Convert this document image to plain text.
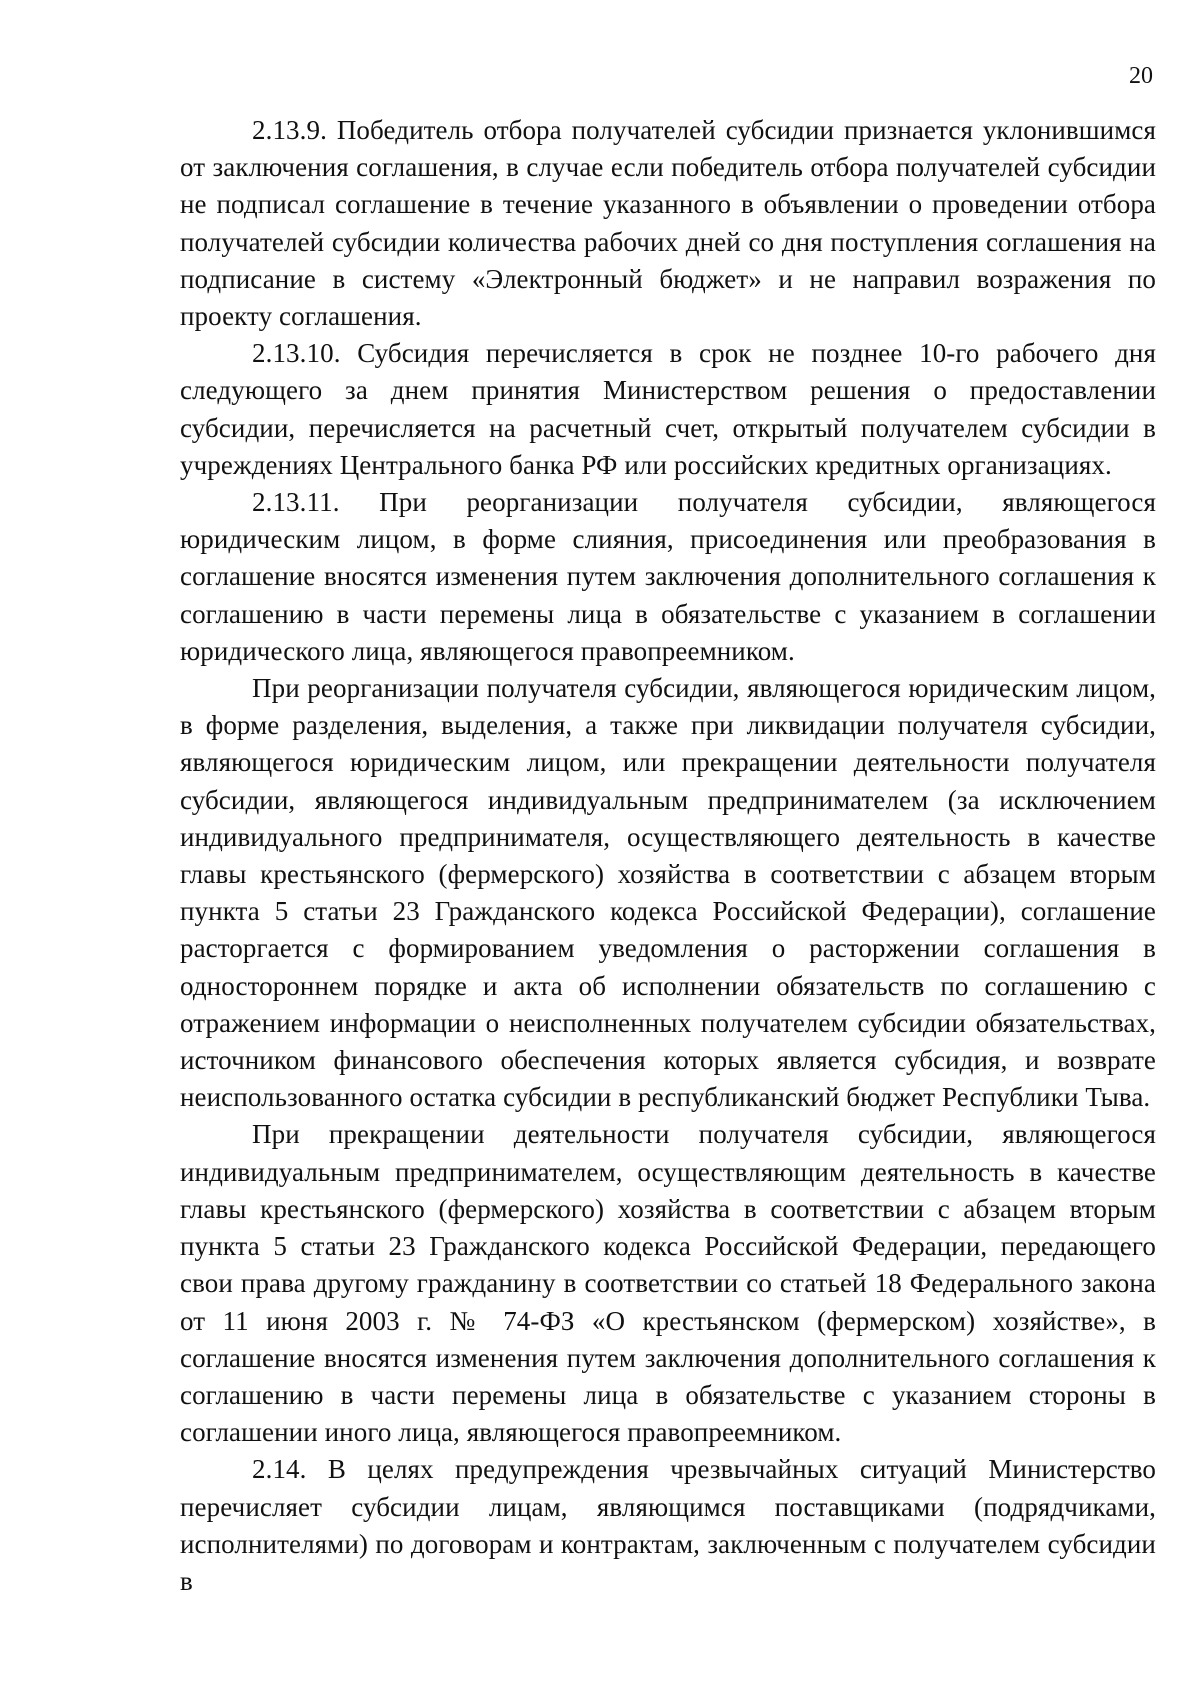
20

2.13.9. Победитель отбора получателей субсидии признается уклонившимся от заключения соглашения, в случае если победитель отбора получателей субсидии не подписал соглашение в течение указанного в объявлении о проведении отбора получателей субсидии количества рабочих дней со дня поступления соглашения на подписание в систему «Электронный бюджет» и не направил возражения по проекту соглашения.

2.13.10. Субсидия перечисляется в срок не позднее 10-го рабочего дня следующего за днем принятия Министерством решения о предоставлении субсидии, перечисляется на расчетный счет, открытый получателем субсидии в учреждениях Центрального банка РФ или российских кредитных организациях.

2.13.11. При реорганизации получателя субсидии, являющегося юридическим лицом, в форме слияния, присоединения или преобразования в соглашение вносятся изменения путем заключения дополнительного соглашения к соглашению в части перемены лица в обязательстве с указанием в соглашении юридического лица, являющегося правопреемником.

При реорганизации получателя субсидии, являющегося юридическим лицом, в форме разделения, выделения, а также при ликвидации получателя субсидии, являющегося юридическим лицом, или прекращении деятельности получателя субсидии, являющегося индивидуальным предпринимателем (за исключением индивидуального предпринимателя, осуществляющего деятельность в качестве главы крестьянского (фермерского) хозяйства в соответствии с абзацем вторым пункта 5 статьи 23 Гражданского кодекса Российской Федерации), соглашение расторгается с формированием уведомления о расторжении соглашения в одностороннем порядке и акта об исполнении обязательств по соглашению с отражением информации о неисполненных получателем субсидии обязательствах, источником финансового обеспечения которых является субсидия, и возврате неиспользованного остатка субсидии в республиканский бюджет Республики Тыва.

При прекращении деятельности получателя субсидии, являющегося индивидуальным предпринимателем, осуществляющим деятельность в качестве главы крестьянского (фермерского) хозяйства в соответствии с абзацем вторым пункта 5 статьи 23 Гражданского кодекса Российской Федерации, передающего свои права другому гражданину в соответствии со статьей 18 Федерального закона от 11 июня 2003 г. № 74-ФЗ «О крестьянском (фермерском) хозяйстве», в соглашение вносятся изменения путем заключения дополнительного соглашения к соглашению в части перемены лица в обязательстве с указанием стороны в соглашении иного лица, являющегося правопреемником.

2.14. В целях предупреждения чрезвычайных ситуаций Министерство перечисляет субсидии лицам, являющимся поставщиками (подрядчиками, исполнителями) по договорам и контрактам, заключенным с получателем субсидии в
